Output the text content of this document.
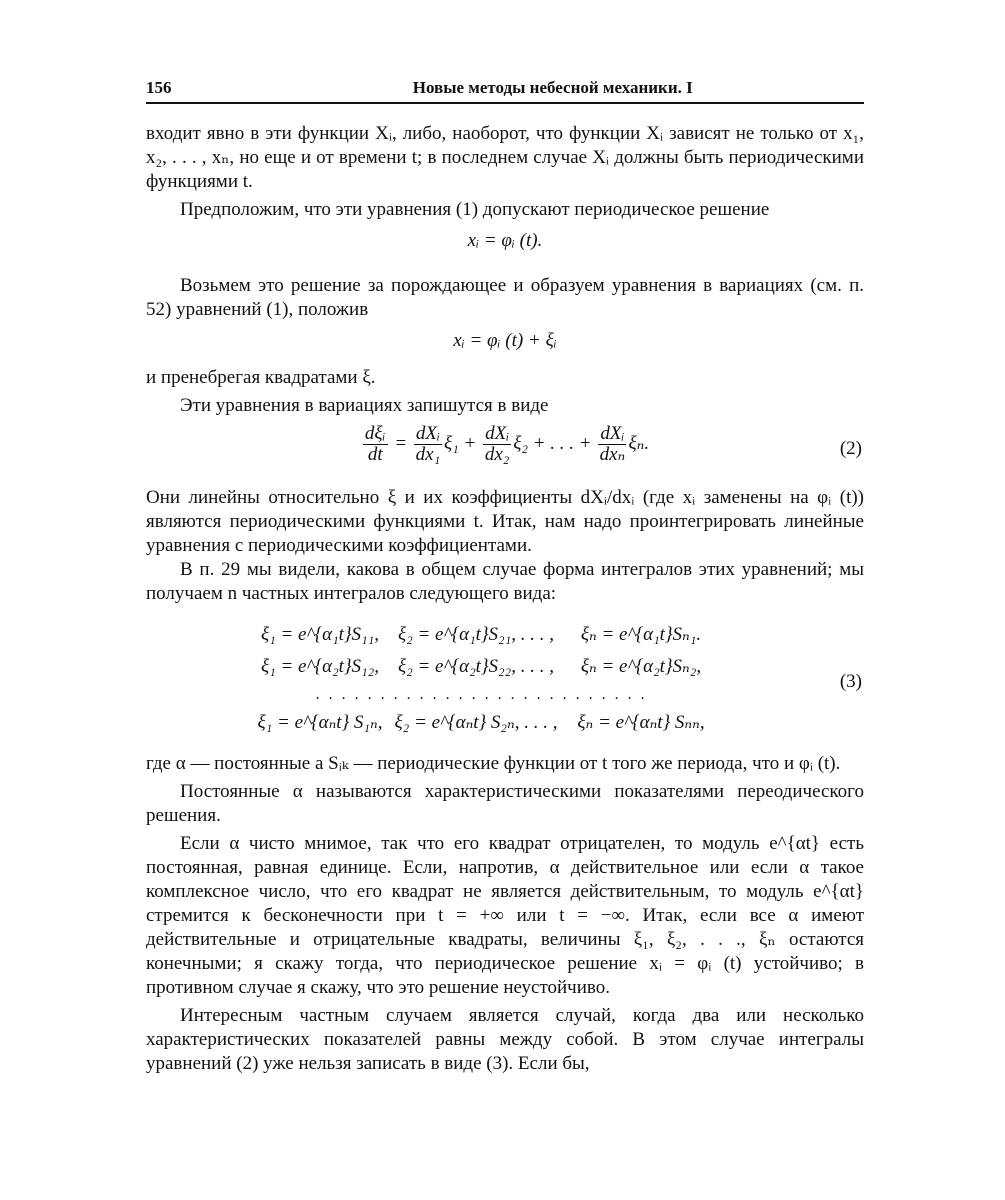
156	Новые методы небесной механики. I

входит явно в эти функции Xᵢ, либо, наоборот, что функции Xᵢ зависят не только от x₁, x₂, . . . , xₙ, но еще и от времени t; в последнем случае Xᵢ должны быть периодическими функциями t.

Предположим, что эти уравнения (1) допускают периодическое решение

xᵢ = φᵢ (t).

Возьмем это решение за порождающее и образуем уравнения в вариациях (см. п. 52) уравнений (1), положив

xᵢ = φᵢ (t) + ξᵢ

и пренебрегая квадратами ξ.

Эти уравнения в вариациях запишутся в виде

$\frac{\text{dξᵢ}}{dt} = \frac{\text{dXᵢ}}{\text{dx₁}} \xi_1 + \frac{\text{dXᵢ}}{\text{dx₂}} \xi_2$ + . . . + $\frac{\text{dXᵢ}}{\text{dxₙ}} \xi_n$.	(2)

Они линейны относительно ξ и их коэффициенты dXᵢ/dxᵢ (где xᵢ заменены на φᵢ (t)) являются периодическими функциями t. Итак, нам надо проинтегрировать линейные уравнения с периодическими коэффициентами.

В п. 29 мы видели, какова в общем случае форма интегралов этих уравнений; мы получаем n частных интегралов следующего вида:

ξ₁ = e^{α₁t}S₁₁, ξ₂ = e^{α₁t}S₂₁, . . . ,	ξₙ = e^{α₁t}Sₙ₁.
ξ₁ = e^{α₂t}S₁₂, ξ₂ = e^{α₂t}S₂₂, . . . ,	ξₙ = e^{α₂t}Sₙ₂,
..........................
ξ₁ = e^{αₙt} S₁ₙ, ξ₂ = e^{αₙt} S₂ₙ, . . . ,	ξₙ = e^{αₙt} Sₙₙ,
(3)

где α — постоянные а Sᵢₖ — периодические функции от t того же периода, что и φᵢ (t).

Постоянные α называются характеристическими показателями переодического решения.

Если α чисто мнимое, так что его квадрат отрицателен, то модуль e^{αt} есть постоянная, равная единице. Если, напротив, α действительное или если α такое комплексное число, что его квадрат не является действительным, то модуль e^{αt} стремится к бесконечности при t = +∞ или t = −∞. Итак, если все α имеют действительные и отрицательные квадраты, величины ξ₁, ξ₂, . . ., ξₙ остаются конечными; я скажу тогда, что периодическое решение xᵢ = φᵢ (t) устойчиво; в противном случае я скажу, что это решение неустойчиво.

Интересным частным случаем является случай, когда два или несколько характеристических показателей равны между собой. В этом случае интегралы уравнений (2) уже нельзя записать в виде (3). Если бы,
